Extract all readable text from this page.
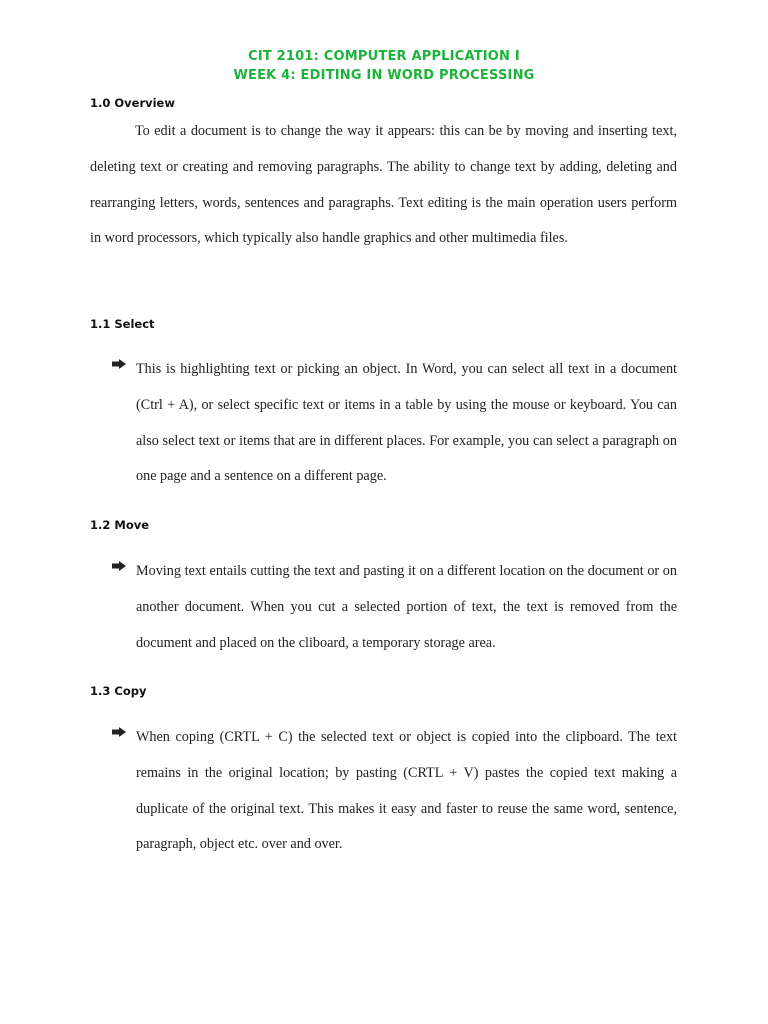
CIT 2101: COMPUTER APPLICATION I
WEEK 4: EDITING IN WORD PROCESSING
1.0 Overview
To edit a document is to change the way it appears: this can be by moving and inserting text, deleting text or creating and removing paragraphs. The ability to change text by adding, deleting and rearranging letters, words, sentences and paragraphs. Text editing is the main operation users perform in word processors, which typically also handle graphics and other multimedia files.
1.1 Select
This is highlighting text or picking an object. In Word, you can select all text in a document (Ctrl + A), or select specific text or items in a table by using the mouse or keyboard. You can also select text or items that are in different places. For example, you can select a paragraph on one page and a sentence on a different page.
1.2 Move
Moving text entails cutting the text and pasting it on a different location on the document or on another document. When you cut a selected portion of text, the text is removed from the document and placed on the cliboard, a temporary storage area.
1.3 Copy
When coping (CRTL + C) the selected text or object is copied into the clipboard. The text remains in the original location; by pasting (CRTL + V) pastes the copied text making a duplicate of the original text. This makes it easy and faster to reuse the same word, sentence, paragraph, object etc. over and over.
